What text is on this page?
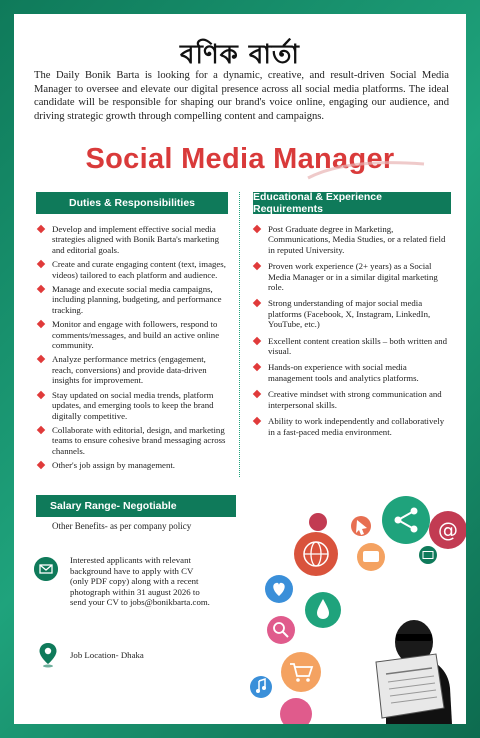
বণিক বার্তা

The Daily Bonik Barta is looking for a dynamic, creative, and result-driven Social Media Manager to oversee and elevate our digital presence across all social media platforms. The ideal candidate will be responsible for shaping our brand's voice online, engaging our audience, and driving strategic growth through compelling content and campaigns.

Social Media Manager
Duties & Responsibilities	Educational & Experience Requirements
Develop and implement effective social media strategies aligned with Bonik Barta's marketing and editorial goals.
Create and curate engaging content (text, images, videos) tailored to each platform and audience.
Manage and execute social media campaigns, including planning, budgeting, and performance tracking.
Monitor and engage with followers, respond to comments/messages, and build an active online community.
Analyze performance metrics (engagement, reach, conversions) and provide data-driven insights for improvement.
Stay updated on social media trends, platform updates, and emerging tools to keep the brand digitally competitive.
Collaborate with editorial, design, and marketing teams to ensure cohesive brand messaging across channels.
Other's job assign by management.
Post Graduate degree in Marketing, Communications, Media Studies, or a related field in reputed University.
Proven work experience (2+ years) as a Social Media Manager or in a similar digital marketing role.
Strong understanding of major social media platforms (Facebook, X, Instagram, LinkedIn, YouTube, etc.)
Excellent content creation skills – both written and visual.
Hands-on experience with social media management tools and analytics platforms.
Creative mindset with strong communication and interpersonal skills.
Ability to work independently and collaboratively in a fast-paced media environment.
Salary Range- Negotiable
Other Benefits- as per company policy

Interested applicants with relevant background have to apply with CV (only PDF copy) along with a recent photograph within 31 august 2026 to send your CV to jobs@bonikbarta.com.

Job Location- Dhaka
@
